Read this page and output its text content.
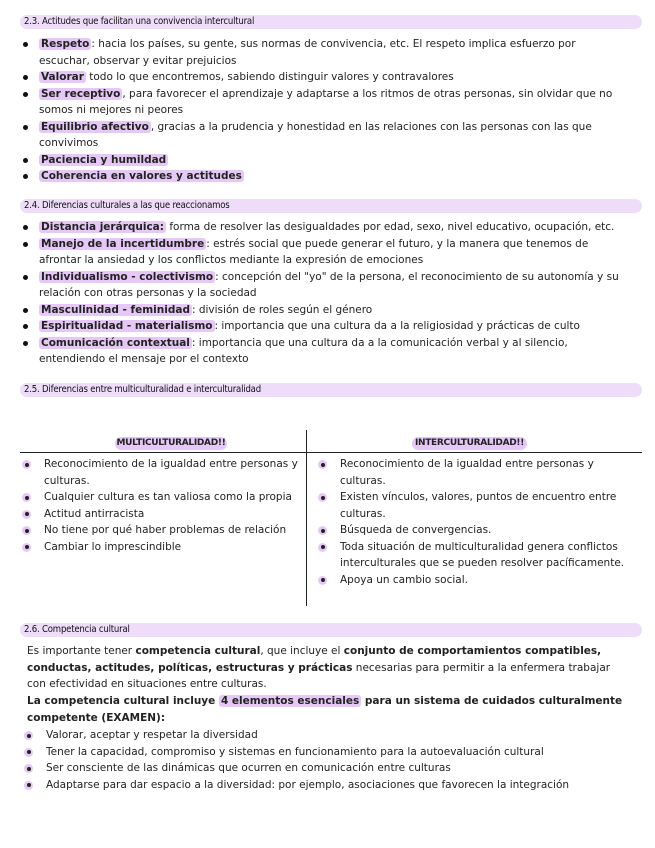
2.3. Actitudes que facilitan una convivencia intercultural
Respeto : hacia los países, su gente, sus normas de convivencia, etc. El respeto implica esfuerzo por escuchar, observar y evitar prejuicios
Valorar todo lo que encontremos, sabiendo distinguir valores y contravalores
Ser receptivo , para favorecer el aprendizaje y adaptarse a los ritmos de otras personas, sin olvidar que no somos ni mejores ni peores
Equilibrio afectivo , gracias a la prudencia y honestidad en las relaciones con las personas con las que convivimos
Paciencia y humildad
Coherencia en valores y actitudes
2.4. Diferencias culturales a las que reaccionamos
Distancia jerárquica: forma de resolver las desigualdades por edad, sexo, nivel educativo, ocupación, etc.
Manejo de la incertidumbre : estrés social que puede generar el futuro, y la manera que tenemos de afrontar la ansiedad y los conflictos mediante la expresión de emociones
Individualismo - colectivismo : concepción del "yo" de la persona, el reconocimiento de su autonomía y su relación con otras personas y la sociedad
Masculinidad - feminidad : división de roles según el género
Espiritualidad - materialismo : importancia que una cultura da a la religiosidad y prácticas de culto
Comunicación contextual : importancia que una cultura da a la comunicación verbal y al silencio, entendiendo el mensaje por el contexto
2.5. Diferencias entre multiculturalidad e interculturalidad
MULTICULTURALIDAD!!	INTERCULTURALIDAD!!
Reconocimiento de la igualdad entre personas y culturas.
Cualquier cultura es tan valiosa como la propia
Actitud antirracista
No tiene por qué haber problemas de relación
Cambiar lo imprescindible
Reconocimiento de la igualdad entre personas y culturas.
Existen vínculos, valores, puntos de encuentro entre culturas.
Búsqueda de convergencias.
Toda situación de multiculturalidad genera conflictos interculturales que se pueden resolver pacíficamente.
Apoya un cambio social.
2.6. Competencia cultural
Es importante tener competencia cultural, que incluye el conjunto de comportamientos compatibles, conductas, actitudes, políticas, estructuras y prácticas necesarias para permitir a la enfermera trabajar con efectividad en situaciones entre culturas.
La competencia cultural incluye 4 elementos esenciales para un sistema de cuidados culturalmente competente (EXAMEN):
Valorar, aceptar y respetar la diversidad
Tener la capacidad, compromiso y sistemas en funcionamiento para la autoevaluación cultural
Ser consciente de las dinámicas que ocurren en comunicación entre culturas
Adaptarse para dar espacio a la diversidad: por ejemplo, asociaciones que favorecen la integración
